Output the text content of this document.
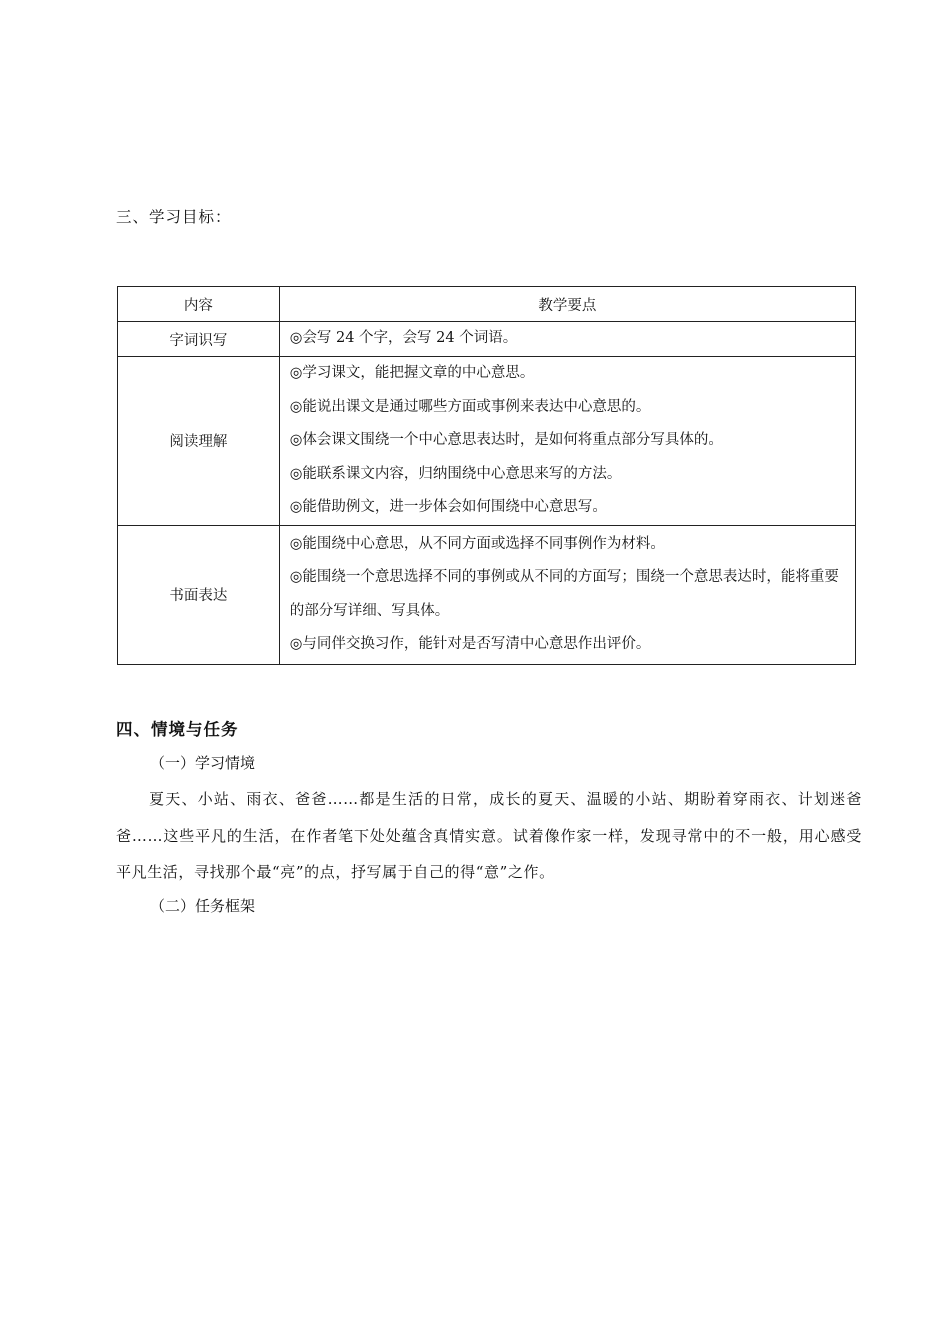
三、学习目标：
内容	教学要点
字词识写	◎会写 24 个字，会写 24 个词语。

阅读理解	◎学习课文，能把握文章的中心意思。
◎能说出课文是通过哪些方面或事例来表达中心意思的。
◎体会课文围绕一个中心意思表达时，是如何将重点部分写具体的。
◎能联系课文内容，归纳围绕中心意思来写的方法。
◎能借助例文，进一步体会如何围绕中心意思写。

书面表达	◎能围绕中心意思，从不同方面或选择不同事例作为材料。
◎能围绕一个意思选择不同的事例或从不同的方面写；围绕一个意思表达时，能将重要的部分写详细、写具体。
◎与同伴交换习作，能针对是否写清中心意思作出评价。
四、情境与任务
（一）学习情境
夏天、小站、雨衣、爸爸……都是生活的日常，成长的夏天、温暖的小站、期盼着穿雨衣、计划迷爸爸……这些平凡的生活，在作者笔下处处蕴含真情实意。试着像作家一样，发现寻常中的不一般，用心感受平凡生活，寻找那个最“亮”的点，抒写属于自己的得“意”之作。
（二）任务框架
